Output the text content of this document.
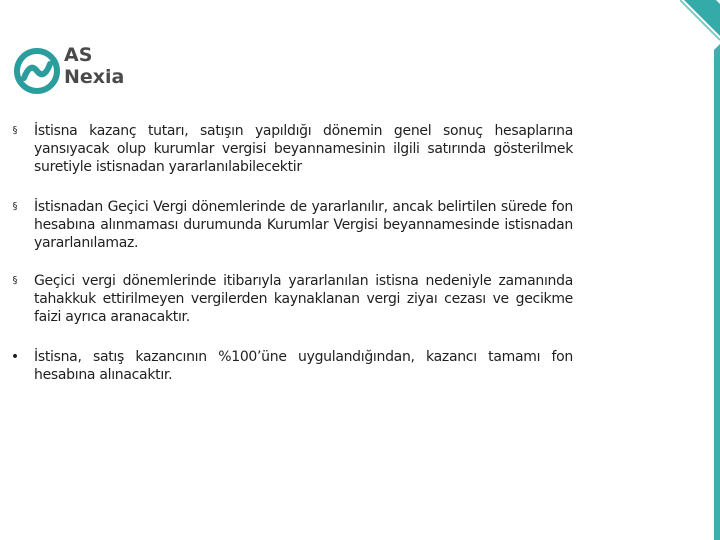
AS
Nexia
§	İstisna kazanç tutarı, satışın yapıldığı dönemin genel sonuç hesaplarına yansıyacak olup kurumlar vergisi beyannamesinin ilgili satırında gösterilmek suretiyle istisnadan yararlanılabilecektir
§	İstisnadan Geçici Vergi dönemlerinde de yararlanılır, ancak belirtilen sürede fon hesabına alınmaması durumunda Kurumlar Vergisi beyannamesinde istisnadan yararlanılamaz.
§	Geçici vergi dönemlerinde itibarıyla yararlanılan istisna nedeniyle zamanında tahakkuk ettirilmeyen vergilerden kaynaklanan vergi ziyaı cezası ve gecikme faizi ayrıca aranacaktır.
• İstisna, satış kazancının %100’üne uygulandığından, kazancı tamamı fon hesabına alınacaktır.
